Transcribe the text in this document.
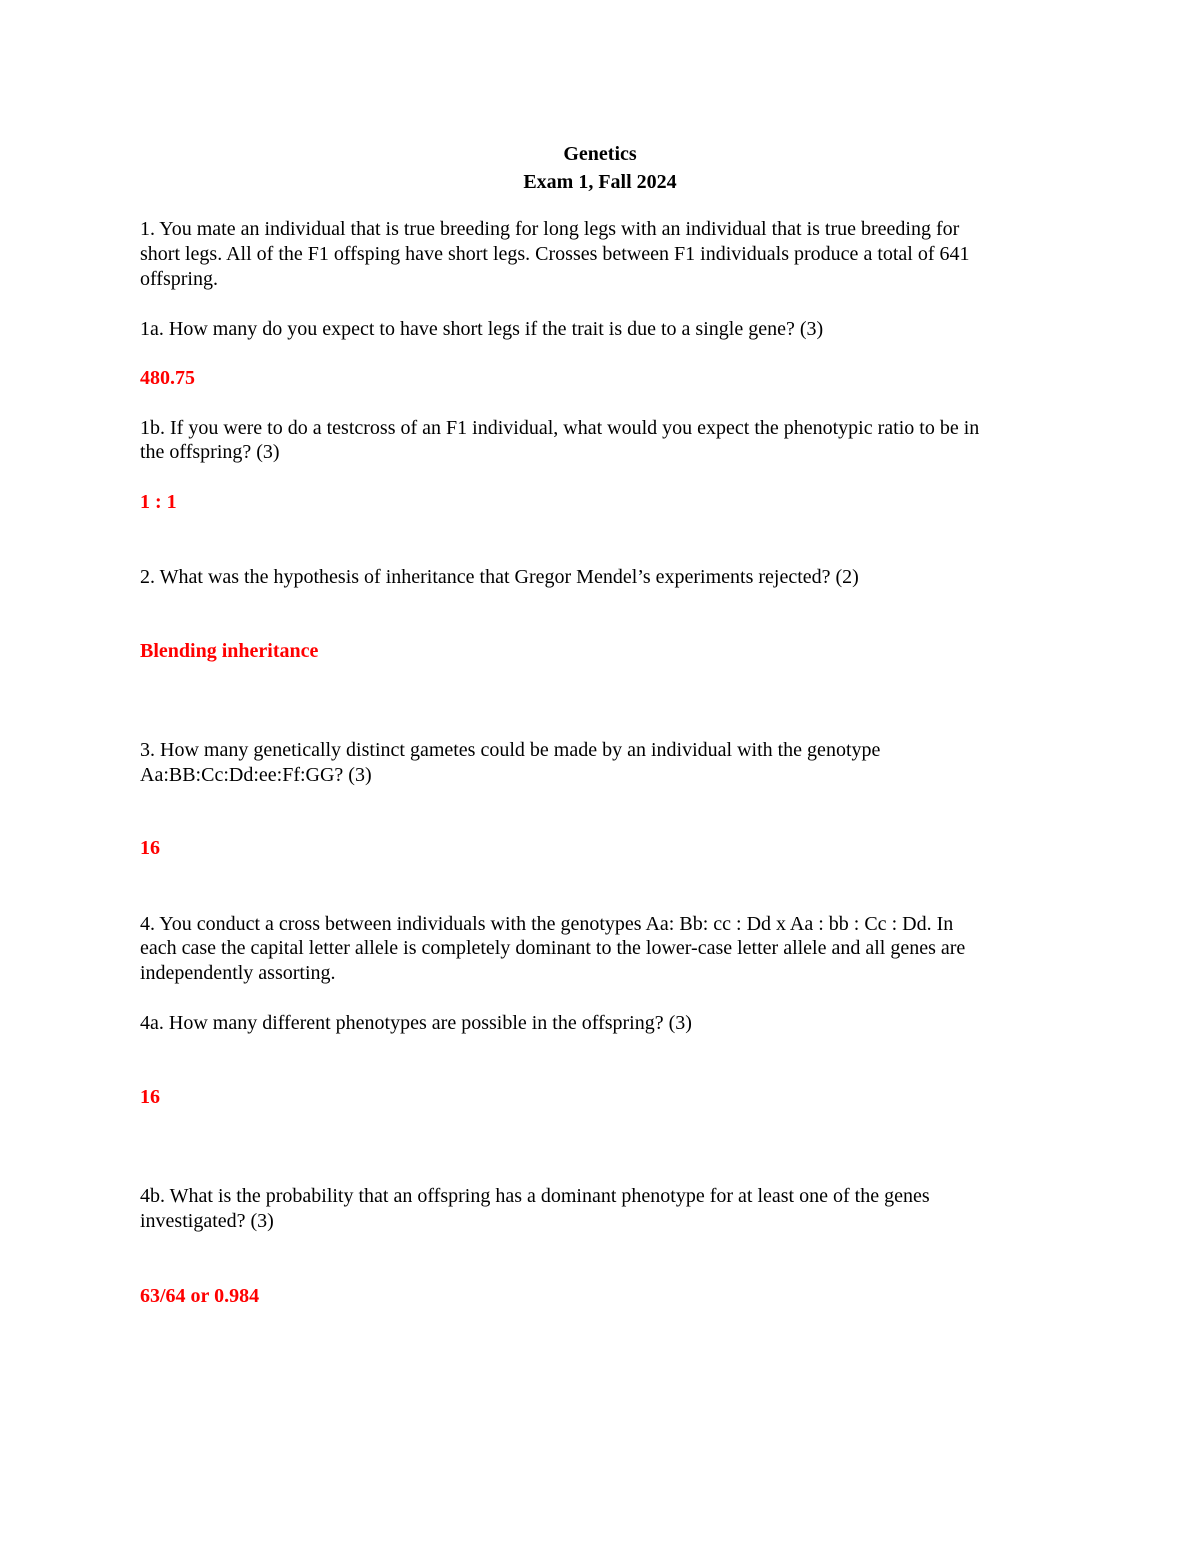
Genetics
Exam 1, Fall 2024
1. You mate an individual that is true breeding for long legs with an individual that is true breeding for
short legs. All of the F1 offsping have short legs. Crosses between F1 individuals produce a total of 641
offspring.
1a. How many do you expect to have short legs if the trait is due to a single gene? (3)
480.75
1b. If you were to do a testcross of an F1 individual, what would you expect the phenotypic ratio to be in
the offspring? (3)
1 : 1
2. What was the hypothesis of inheritance that Gregor Mendel’s experiments rejected? (2)
Blending inheritance
3. How many genetically distinct gametes could be made by an individual with the genotype
Aa:BB:Cc:Dd:ee:Ff:GG? (3)
16
4. You conduct a cross between individuals with the genotypes Aa: Bb: cc : Dd x Aa : bb : Cc : Dd. In
each case the capital letter allele is completely dominant to the lower-case letter allele and all genes are
independently assorting.
4a. How many different phenotypes are possible in the offspring? (3)
16
4b. What is the probability that an offspring has a dominant phenotype for at least one of the genes
investigated? (3)
63/64 or 0.984
